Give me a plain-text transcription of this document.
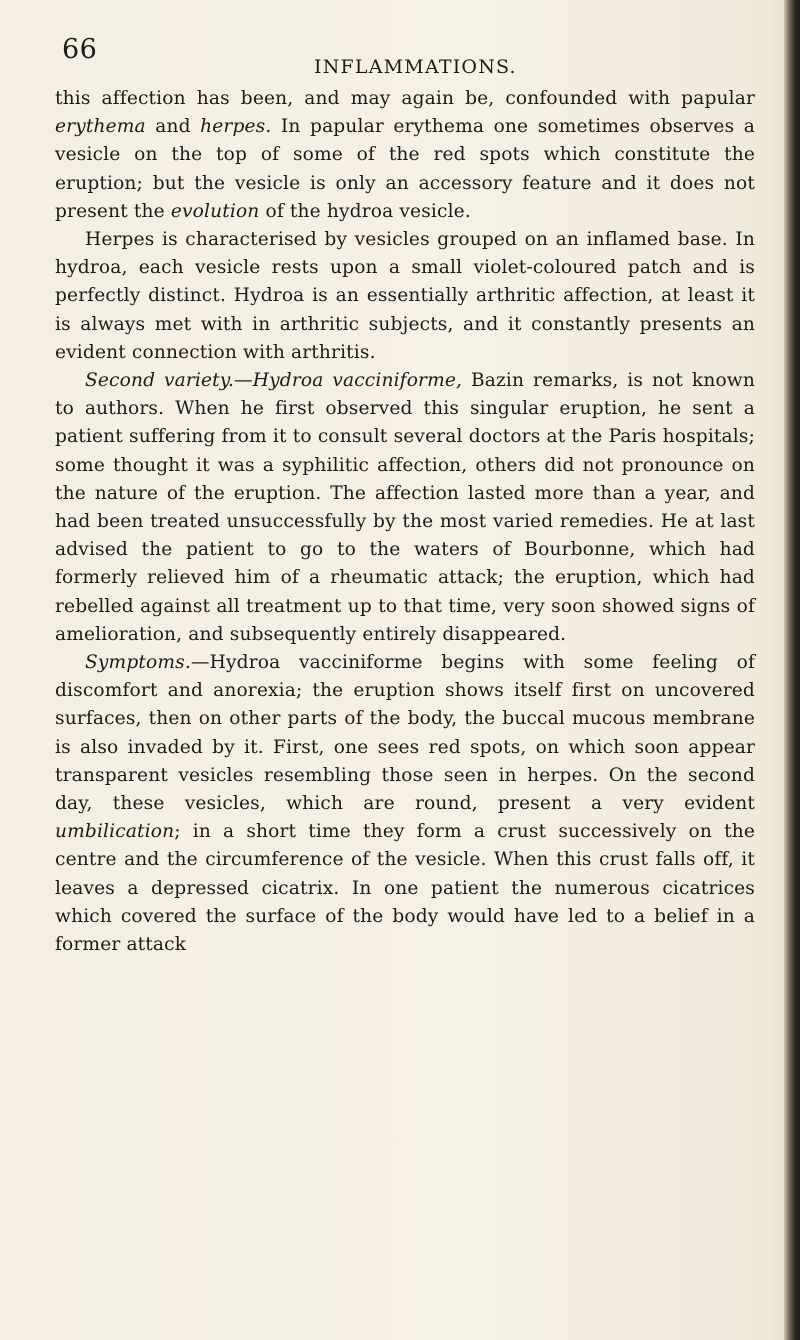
66
INFLAMMATIONS.

this affection has been, and may again be, confounded with papular erythema and herpes. In papular erythema one sometimes observes a vesicle on the top of some of the red spots which constitute the eruption; but the vesicle is only an accessory feature and it does not present the evolution of the hydroa vesicle.

Herpes is characterised by vesicles grouped on an inflamed base. In hydroa, each vesicle rests upon a small violet-coloured patch and is perfectly distinct. Hydroa is an essentially arthritic affection, at least it is always met with in arthritic subjects, and it constantly presents an evident connection with arthritis.

Second variety.—Hydroa vacciniforme, Bazin remarks, is not known to authors. When he first observed this singular eruption, he sent a patient suffering from it to consult several doctors at the Paris hospitals; some thought it was a syphilitic affection, others did not pronounce on the nature of the eruption. The affection lasted more than a year, and had been treated unsuccessfully by the most varied remedies. He at last advised the patient to go to the waters of Bourbonne, which had formerly relieved him of a rheumatic attack; the eruption, which had rebelled against all treatment up to that time, very soon showed signs of amelioration, and subsequently entirely disappeared.

Symptoms.—Hydroa vacciniforme begins with some feeling of discomfort and anorexia; the eruption shows itself first on uncovered surfaces, then on other parts of the body, the buccal mucous membrane is also invaded by it. First, one sees red spots, on which soon appear transparent vesicles resembling those seen in herpes. On the second day, these vesicles, which are round, present a very evident umbilication; in a short time they form a crust successively on the centre and the circumference of the vesicle. When this crust falls off, it leaves a depressed cicatrix. In one patient the numerous cicatrices which covered the surface of the body would have led to a belief in a former attack
